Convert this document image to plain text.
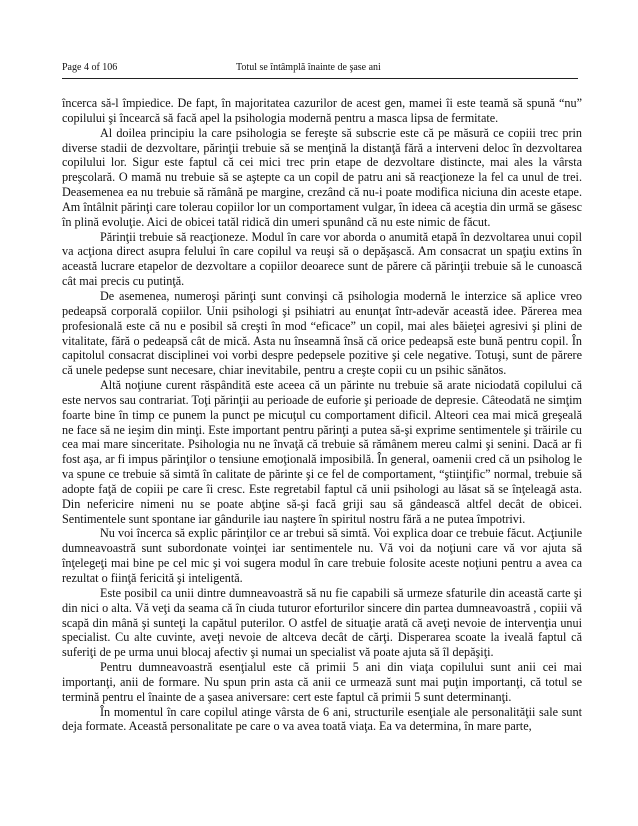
Page 4 of 106	Totul se întâmplă înainte de şase ani

încerca să-l împiedice. De fapt, în majoritatea cazurilor de acest gen, mamei îi este teamă să spună “nu” copilului şi încearcă să facă apel la psihologia modernă pentru a masca lipsa de fermitate.

Al doilea principiu la care psihologia se fereşte să subscrie este că pe măsură ce copiii trec prin diverse stadii de dezvoltare, părinţii trebuie să se menţină la distanţă fără a interveni deloc în dezvoltarea copilului lor. Sigur este faptul că cei mici trec prin etape de dezvoltare distincte, mai ales la vârsta preşcolară. O mamă nu trebuie să se aştepte ca un copil de patru ani să reacţioneze la fel ca unul de trei. Deasemenea ea nu trebuie să rămână pe margine, crezând că nu-i poate modifica niciuna din aceste etape. Am întâlnit părinţi care tolerau copiilor lor un comportament vulgar, în ideea că aceştia din urmă se găsesc în plină evoluţie. Aici de obicei tatăl ridică din umeri spunând că nu este nimic de făcut.

Părinţii trebuie să reacţioneze. Modul în care vor aborda o anumită etapă în dezvoltarea unui copil va acţiona direct asupra felului în care copilul va reuşi să o depăşască. Am consacrat un spaţiu extins în această lucrare etapelor de dezvoltare a copiilor deoarece sunt de părere că părinţii trebuie să le cunoască cât mai precis cu putinţă.

De asemenea, numeroşi părinţi sunt convinşi că psihologia modernă le interzice să aplice vreo pedeapsă corporală copiilor. Unii psihologi şi psihiatri au enunţat într-adevăr această idee. Părerea mea profesională este că nu e posibil să creşti în mod “eficace” un copil, mai ales băieţei agresivi şi plini de vitalitate, fără o pedeapsă cât de mică. Asta nu înseamnă însă că orice pedeapsă este bună pentru copil. În capitolul consacrat disciplinei voi vorbi despre pedepsele pozitive şi cele negative. Totuşi, sunt de părere că unele pedepse sunt necesare, chiar inevitabile, pentru a creşte copii cu un psihic sănătos.

Altă noţiune curent răspândită este aceea că un părinte nu trebuie să arate niciodată copilului că este nervos sau contrariat. Toţi părinţii au perioade de euforie şi perioade de depresie. Câteodată ne simţim foarte bine în timp ce punem la punct pe micuţul cu comportament dificil. Alteori cea mai mică greşeală ne face să ne ieşim din minţi. Este important pentru părinţi a putea să-şi exprime sentimentele şi trăirile cu cea mai mare sinceritate. Psihologia nu ne învaţă că trebuie să rămânem mereu calmi şi senini. Dacă ar fi fost aşa, ar fi impus părinţilor o tensiune emoţională imposibilă. În general, oamenii cred că un psiholog le va spune ce trebuie să simtă în calitate de părinte şi ce fel de comportament, “ştiinţific” normal, trebuie să adopte faţă de copiii pe care îi cresc. Este regretabil faptul că unii psihologi au lăsat să se înţeleagă asta. Din nefericire nimeni nu se poate abţine să-şi facă griji sau să gândească altfel decât de obicei. Sentimentele sunt spontane iar gândurile iau naştere în spiritul nostru fără a ne putea împotrivi.

Nu voi încerca să explic părinţilor ce ar trebui să simtă. Voi explica doar ce trebuie făcut. Acţiunile dumneavoastră sunt subordonate voinţei iar sentimentele nu. Vă voi da noţiuni care vă vor ajuta să înţelegeţi mai bine pe cel mic şi voi sugera modul în care trebuie folosite aceste noţiuni pentru a avea ca rezultat o fiinţă fericită şi inteligentă.

Este posibil ca unii dintre dumneavoastră să nu fie capabili să urmeze sfaturile din această carte şi din nici o alta. Vă veţi da seama că în ciuda tuturor eforturilor sincere din partea dumneavoastră , copiii vă scapă din mână şi sunteţi la capătul puterilor. O astfel de situaţie arată că aveţi nevoie de intervenţia unui specialist. Cu alte cuvinte, aveţi nevoie de altceva decât de cărţi. Disperarea scoate la iveală faptul că suferiţi de pe urma unui blocaj afectiv şi numai un specialist vă poate ajuta să îl depăşiţi.

Pentru dumneavoastră esenţialul este că primii 5 ani din viaţa copilului sunt anii cei mai importanţi, anii de formare. Nu spun prin asta că anii ce urmează sunt mai puţin importanţi, că totul se termină pentru el înainte de a şasea aniversare: cert este faptul că primii 5 sunt determinanţi.

În momentul în care copilul atinge vârsta de 6 ani, structurile esenţiale ale personalităţii sale sunt deja formate. Această personalitate pe care o va avea toată viaţa. Ea va determina, în mare parte,
